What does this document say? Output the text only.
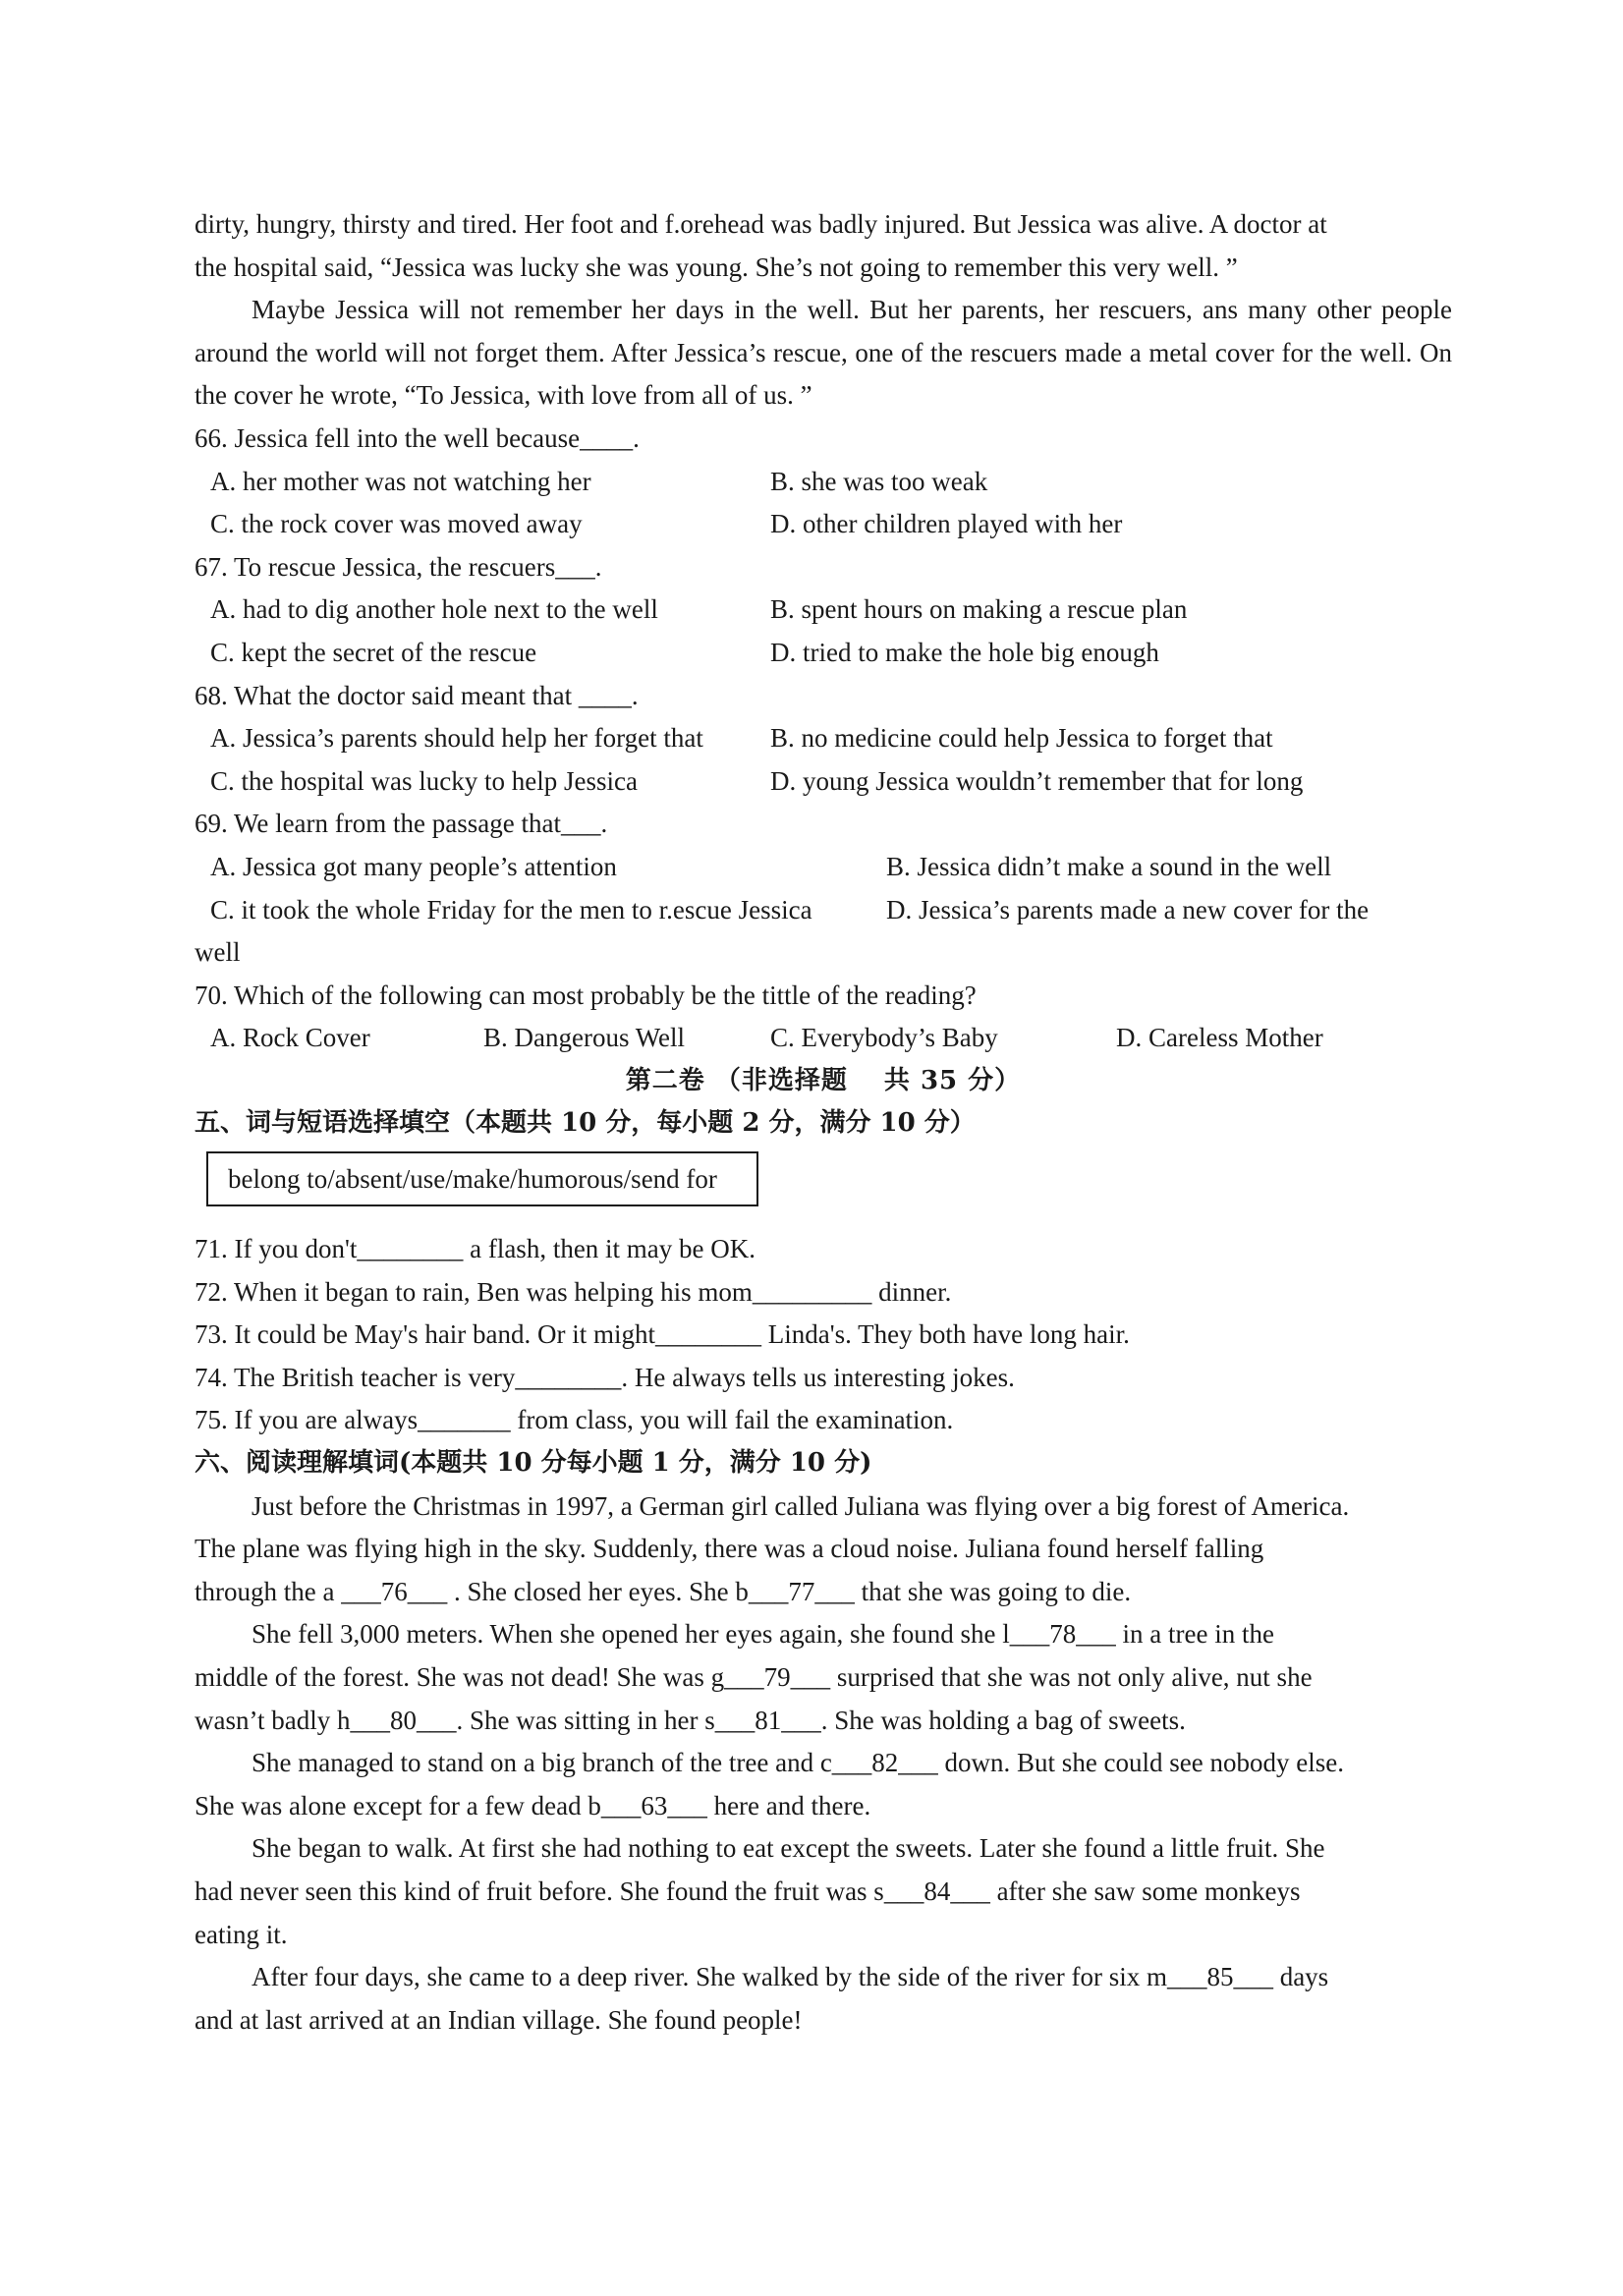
dirty, hungry, thirsty and tired. Her foot and f.orehead was badly injured. But Jessica was alive. A doctor at
the hospital said, “Jessica was lucky she was young. She’s not going to remember this very well. ”

Maybe Jessica will not remember her days in the well. But her parents, her rescuers, ans many other people around the world will not forget them. After Jessica’s rescue, one of the rescuers made a metal cover for the well. On the cover he wrote, “To Jessica, with love from all of us. ”

66. Jessica fell into the well because____.

A. her mother was not watching her	B. she was too weak
C. the rock cover was moved away	D. other children played with her

67. To rescue Jessica, the rescuers___.

A. had to dig another hole next to the well	B. spent hours on making a rescue plan
C. kept the secret of the rescue	D. tried to make the hole big enough

68. What the doctor said meant that ____.

A. Jessica’s parents should help her forget that	B. no medicine could help Jessica to forget that
C. the hospital was lucky to help Jessica	D. young Jessica wouldn’t remember that for long

69. We learn from the passage that___.

A. Jessica got many people’s attention	B. Jessica didn’t make a sound in the well
C. it took the whole Friday for the men to r.escue Jessica	D. Jessica’s parents made a new cover for the
well

70. Which of the following can most probably be the tittle of the reading?

A. Rock Cover	B. Dangerous Well	C. Everybody’s Baby	D. Careless Mother

第二卷 （非选择题　 共 35 分）

五、词与短语选择填空（本题共 10 分，每小题 2 分，满分 10 分）

belong to/absent/use/make/humorous/send for
71. If you don't________ a flash, then it may be OK.
72. When it began to rain, Ben was helping his mom_________ dinner.
73. It could be May's hair band. Or it might________ Linda's. They both have long hair.
74. The British teacher is very________. He always tells us interesting jokes.
75. If you are always_______ from class, you will fail the examination.

六、阅读理解填词(本题共 10 分每小题 1 分，满分 10 分)

Just before the Christmas in 1997, a German girl called Juliana was flying over a big forest of America.
The plane was flying high in the sky. Suddenly, there was a cloud noise. Juliana found herself falling
through the a ___76___ . She closed her eyes. She b___77___ that she was going to die.
She fell 3,000 meters. When she opened her eyes again, she found she l___78___ in a tree in the
middle of the forest. She was not dead! She was g___79___ surprised that she was not only alive, nut she
wasn’t badly h___80___. She was sitting in her s___81___. She was holding a bag of sweets.
She managed to stand on a big branch of the tree and c___82___ down. But she could see nobody else.
She was alone except for a few dead b___63___ here and there.
She began to walk. At first she had nothing to eat except the sweets. Later she found a little fruit. She
had never seen this kind of fruit before. She found the fruit was s___84___ after she saw some monkeys
eating it.
After four days, she came to a deep river. She walked by the side of the river for six m___85___ days
and at last arrived at an Indian village. She found people!
